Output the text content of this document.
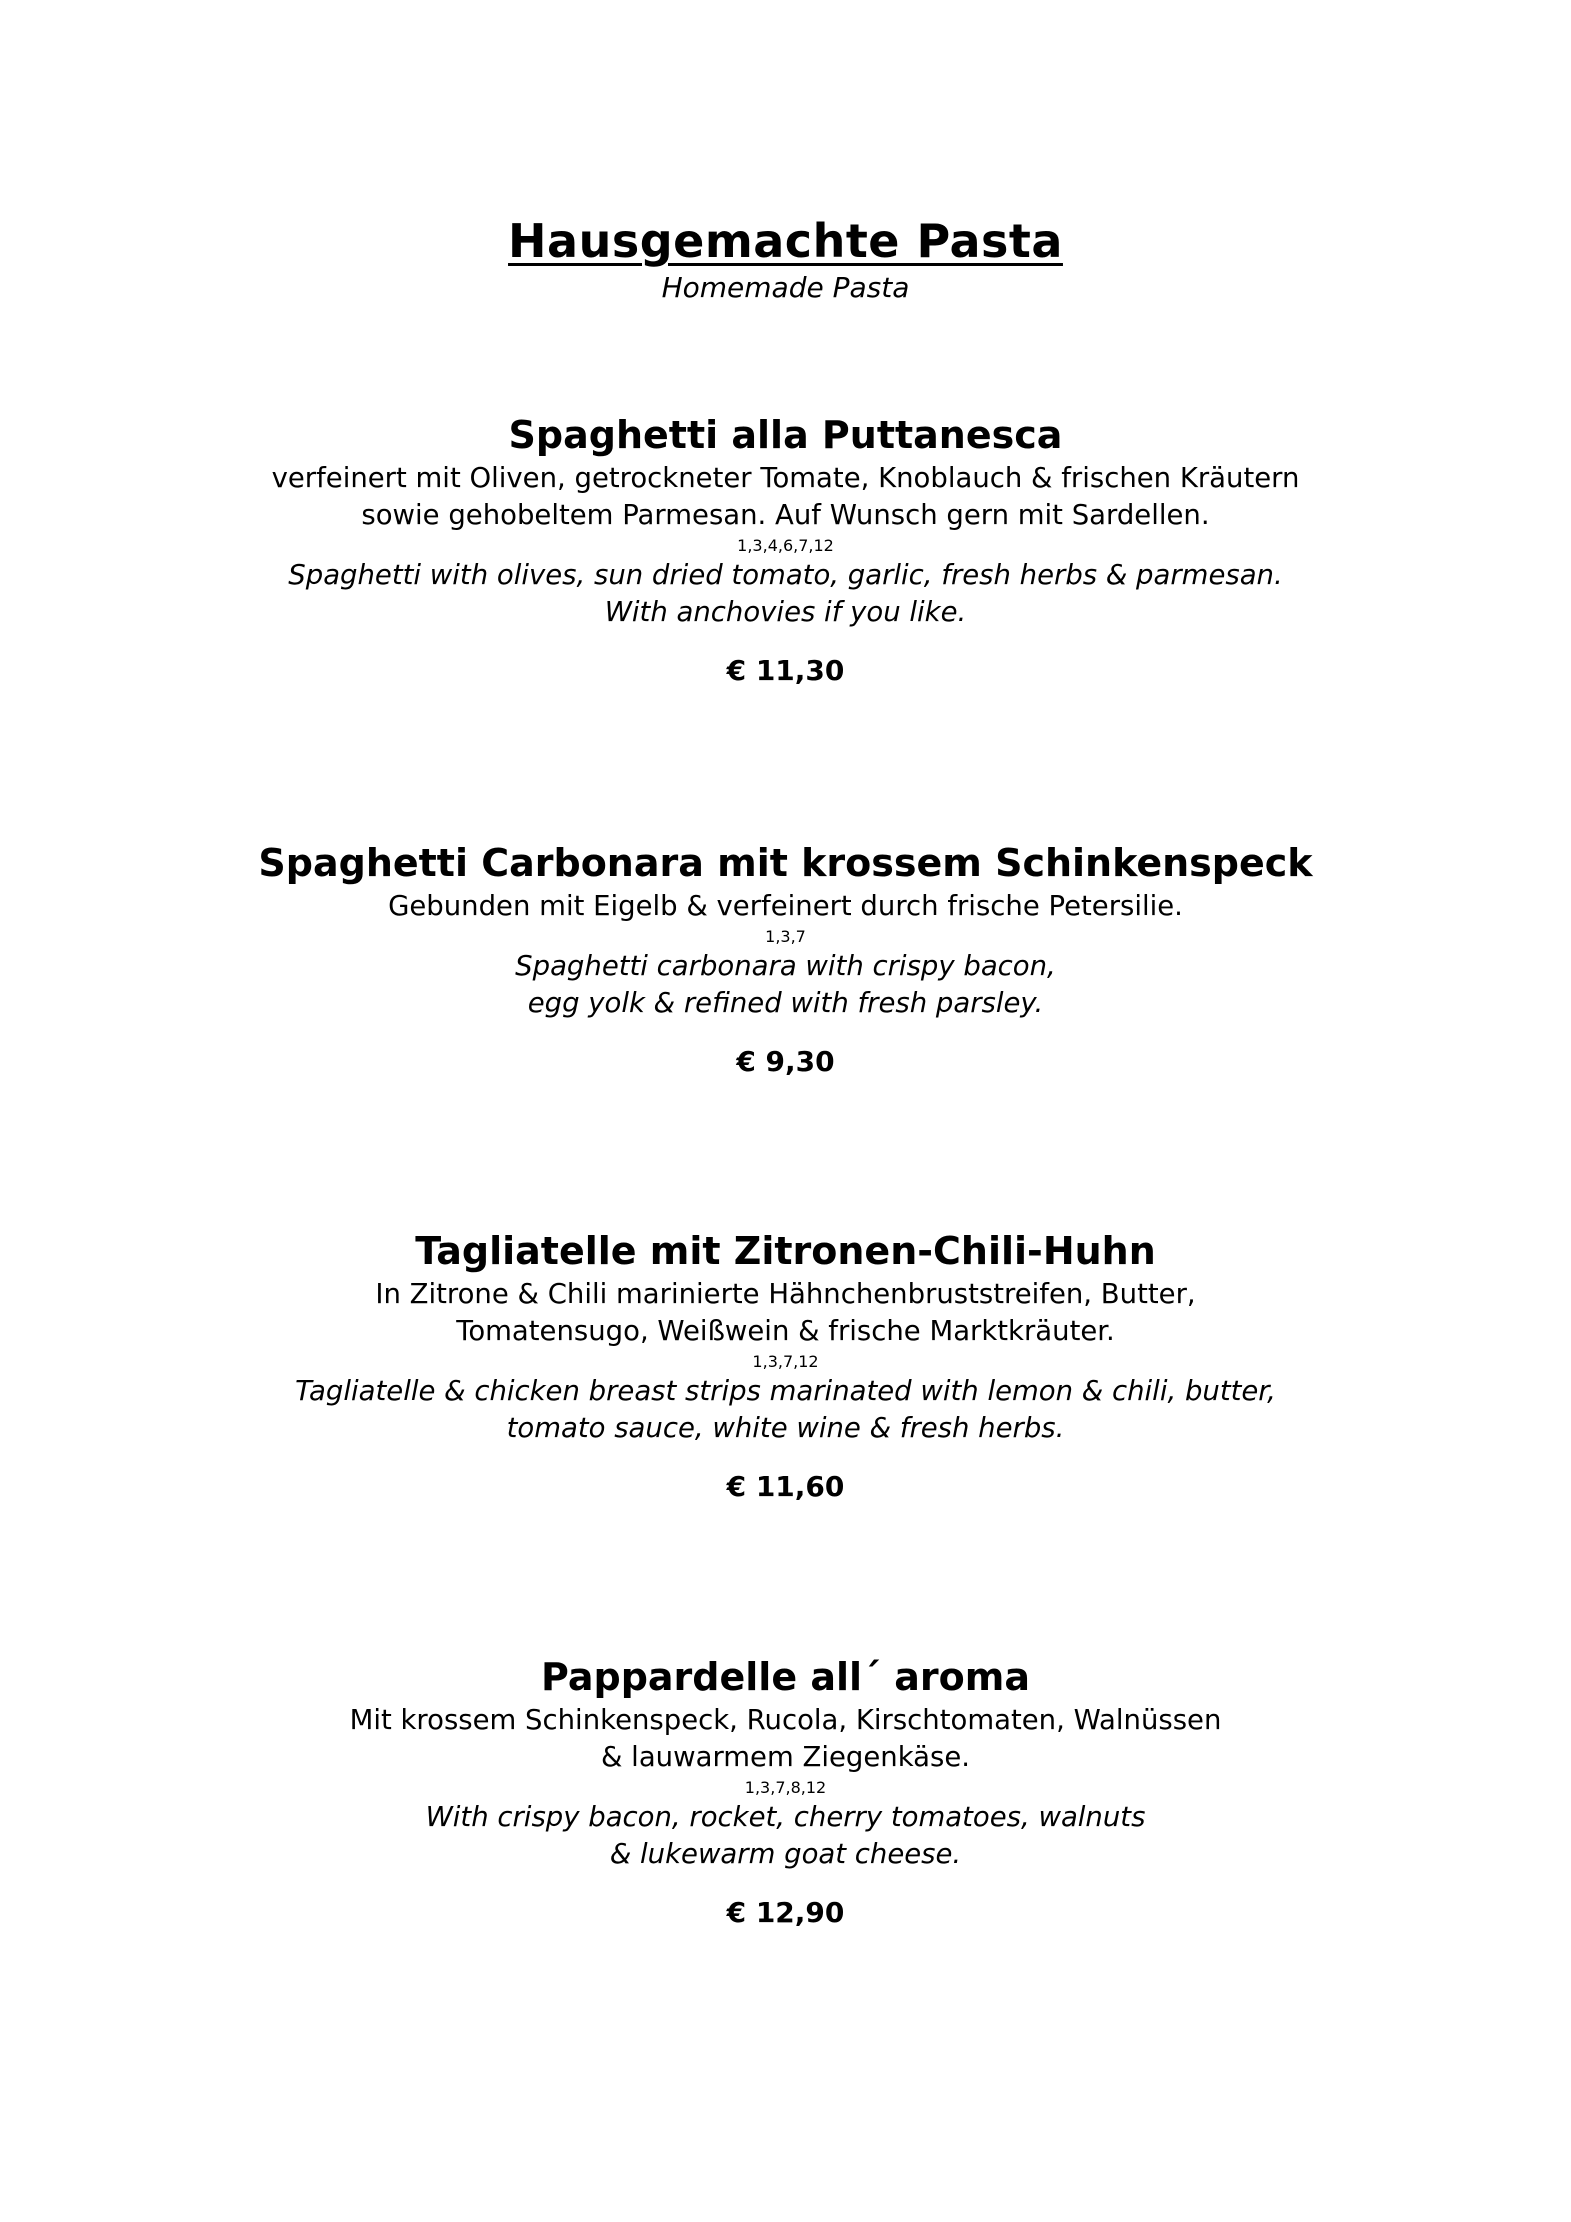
Hausgemachte Pasta
Homemade Pasta
Spaghetti alla Puttanesca
verfeinert mit Oliven, getrockneter Tomate, Knoblauch & frischen Kräutern
sowie gehobeltem Parmesan. Auf Wunsch gern mit Sardellen.
1,3,4,6,7,12
Spaghetti with olives, sun dried tomato, garlic, fresh herbs & parmesan.
With anchovies if you like.
€ 11,30
Spaghetti Carbonara mit krossem Schinkenspeck
Gebunden mit Eigelb & verfeinert durch frische Petersilie.
1,3,7
Spaghetti carbonara with crispy bacon,
egg yolk & refined with fresh parsley.
€ 9,30
Tagliatelle mit Zitronen-Chili-Huhn
In Zitrone & Chili marinierte Hähnchenbruststreifen, Butter,
Tomatensugo, Weißwein & frische Marktkräuter.
1,3,7,12
Tagliatelle & chicken breast strips marinated with lemon & chili, butter,
tomato sauce, white wine & fresh herbs.
€ 11,60
Pappardelle all´ aroma
Mit krossem Schinkenspeck, Rucola, Kirschtomaten, Walnüssen
& lauwarmem Ziegenkäse.
1,3,7,8,12
With crispy bacon, rocket, cherry tomatoes, walnuts
& lukewarm goat cheese.
€ 12,90
